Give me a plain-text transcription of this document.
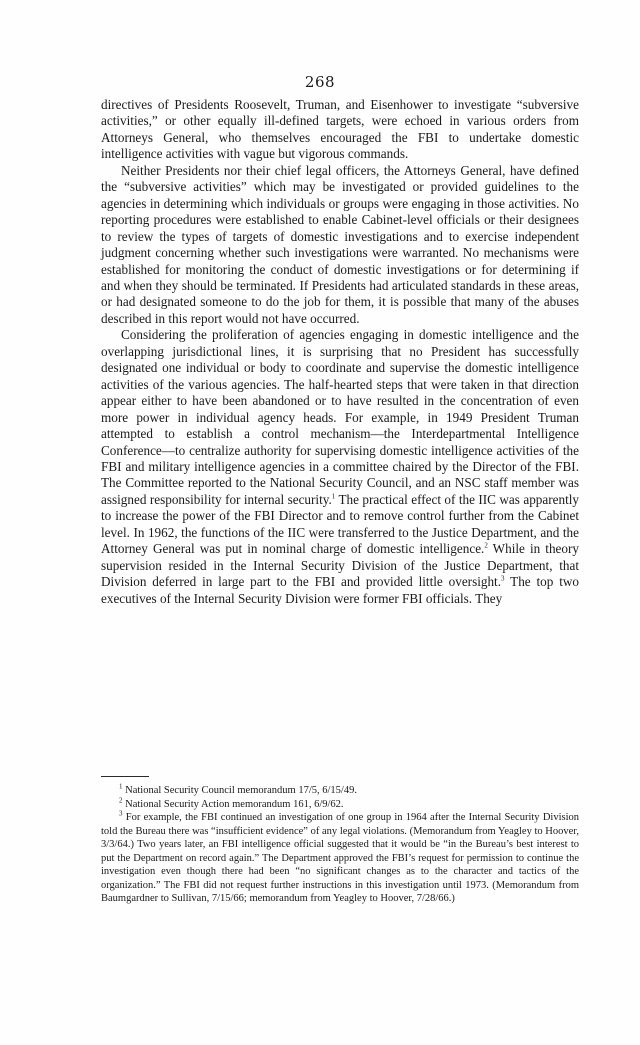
268

directives of Presidents Roosevelt, Truman, and Eisenhower to investigate “subversive activities,” or other equally ill-defined targets, were echoed in various orders from Attorneys General, who themselves encouraged the FBI to undertake domestic intelligence activities with vague but vigorous commands.

Neither Presidents nor their chief legal officers, the Attorneys General, have defined the “subversive activities” which may be investigated or provided guidelines to the agencies in determining which individuals or groups were engaging in those activities. No reporting procedures were established to enable Cabinet-level officials or their designees to review the types of targets of domestic investigations and to exercise independent judgment concerning whether such investigations were warranted. No mechanisms were established for monitoring the conduct of domestic investigations or for determining if and when they should be terminated. If Presidents had articulated standards in these areas, or had designated someone to do the job for them, it is possible that many of the abuses described in this report would not have occurred.

Considering the proliferation of agencies engaging in domestic intelligence and the overlapping jurisdictional lines, it is surprising that no President has successfully designated one individual or body to coordinate and supervise the domestic intelligence activities of the various agencies. The half-hearted steps that were taken in that direction appear either to have been abandoned or to have resulted in the concentration of even more power in individual agency heads. For example, in 1949 President Truman attempted to establish a control mechanism—the Interdepartmental Intelligence Conference—to centralize authority for supervising domestic intelligence activities of the FBI and military intelligence agencies in a committee chaired by the Director of the FBI. The Committee reported to the National Security Council, and an NSC staff member was assigned responsibility for internal security.$^1$ The practical effect of the IIC was apparently to increase the power of the FBI Director and to remove control further from the Cabinet level. In 1962, the functions of the IIC were transferred to the Justice Department, and the Attorney General was put in nominal charge of domestic intelligence.$^2$ While in theory supervision resided in the Internal Security Division of the Justice Department, that Division deferred in large part to the FBI and provided little oversight.$^3$ The top two executives of the Internal Security Division were former FBI officials. They

$^1$ National Security Council memorandum 17/5, 6/15/49.

$^2$ National Security Action memorandum 161, 6/9/62.

$^3$ For example, the FBI continued an investigation of one group in 1964 after the Internal Security Division told the Bureau there was “insufficient evidence” of any legal violations. (Memorandum from Yeagley to Hoover, 3/3/64.) Two years later, an FBI intelligence official suggested that it would be “in the Bureau’s best interest to put the Department on record again.” The Department approved the FBI’s request for permission to continue the investigation even though there had been “no significant changes as to the character and tactics of the organization.” The FBI did not request further instructions in this investigation until 1973. (Memorandum from Baumgardner to Sullivan, 7/15/66; memorandum from Yeagley to Hoover, 7/28/66.)
